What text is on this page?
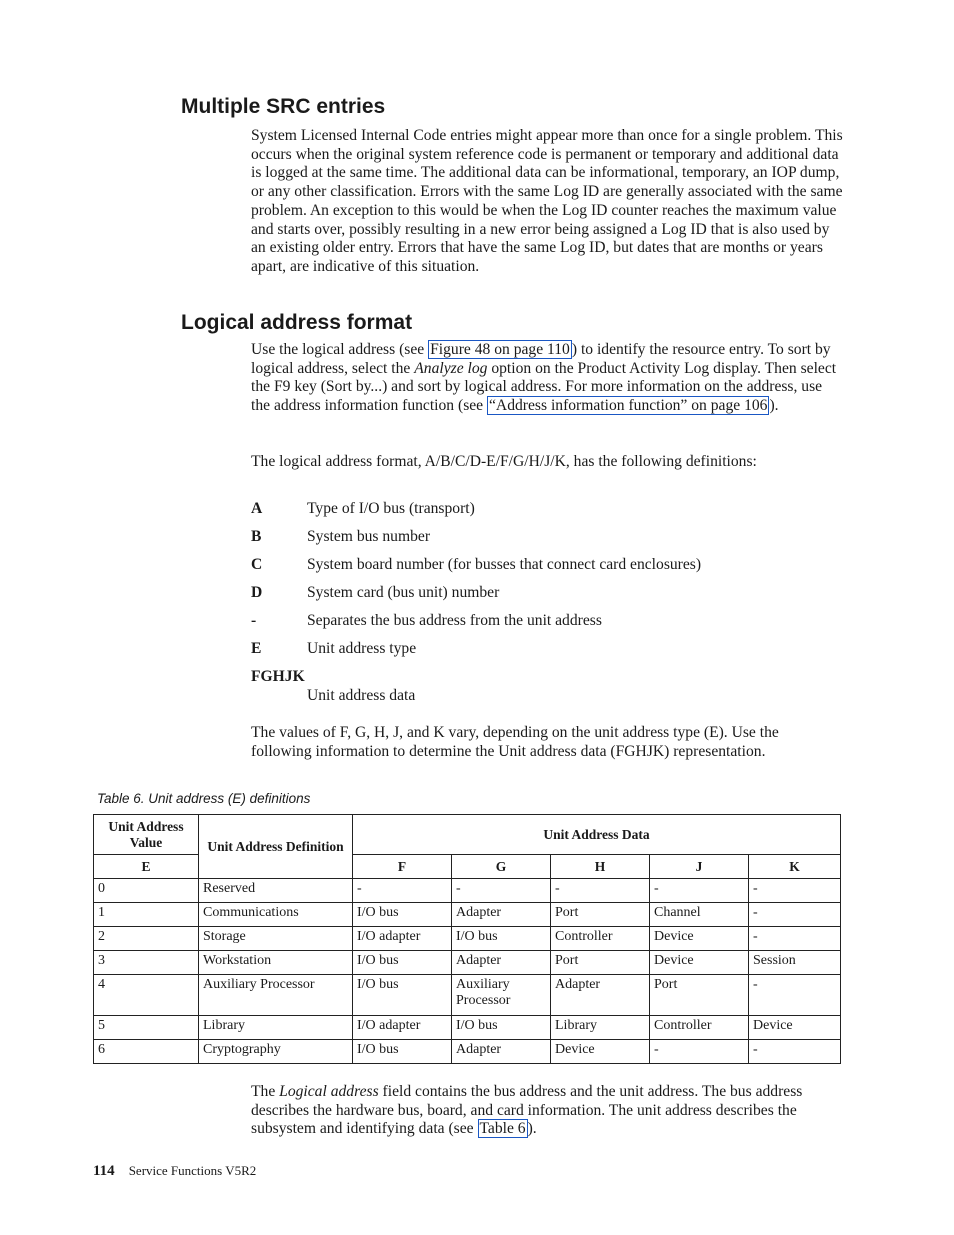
Multiple SRC entries

System Licensed Internal Code entries might appear more than once for a single problem. This occurs when the original system reference code is permanent or temporary and additional data is logged at the same time. The additional data can be informational, temporary, an IOP dump, or any other classification. Errors with the same Log ID are generally associated with the same problem. An exception to this would be when the Log ID counter reaches the maximum value and starts over, possibly resulting in a new error being assigned a Log ID that is also used by an existing older entry. Errors that have the same Log ID, but dates that are months or years apart, are indicative of this situation.

Logical address format

Use the logical address (see Figure 48 on page 110 ) to identify the resource entry. To sort by logical address, select the Analyze log option on the Product Activity Log display. Then select the F9 key (Sort by...) and sort by logical address. For more information on the address, use the address information function (see “Address information function” on page 106 ).

The logical address format, A/B/C/D-E/F/G/H/J/K, has the following definitions:

A	Type of I/O bus (transport)
B	System bus number
C	System board number (for busses that connect card enclosures)
D	System card (bus unit) number
-	Separates the bus address from the unit address
E	Unit address type
FGHJK
Unit address data

The values of F, G, H, J, and K vary, depending on the unit address type (E). Use the following information to determine the Unit address data (FGHJK) representation.

Table 6. Unit address (E) definitions
Unit Address Value	Unit Address Definition	Unit Address Data				
E		F	G	H	J	K
0	Reserved	-	-	-	-	-
1	Communications	I/O bus	Adapter	Port	Channel	-
2	Storage	I/O adapter	I/O bus	Controller	Device	-
3	Workstation	I/O bus	Adapter	Port	Device	Session
4	Auxiliary Processor	I/O bus	Auxiliary Processor	Adapter	Port	-
5	Library	I/O adapter	I/O bus	Library	Controller	Device
6	Cryptography	I/O bus	Adapter	Device	-	-

The Logical address field contains the bus address and the unit address. The bus address describes the hardware bus, board, and card information. The unit address describes the subsystem and identifying data (see Table 6 ).

114 Service Functions V5R2
